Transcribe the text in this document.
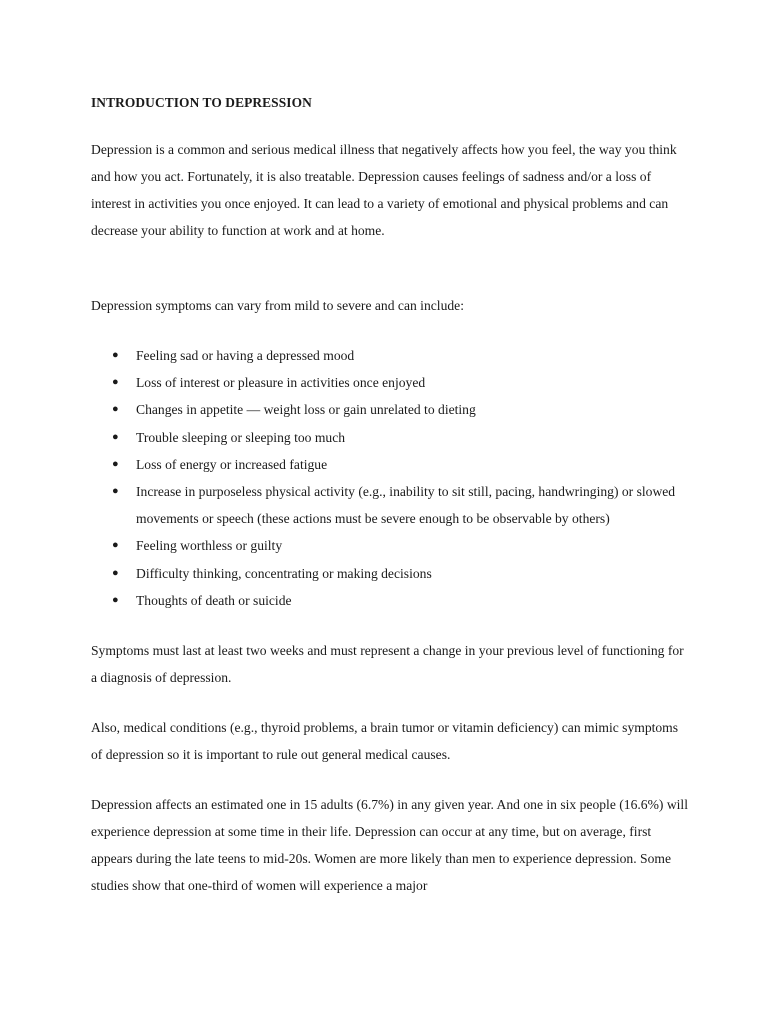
INTRODUCTION TO DEPRESSION

Depression is a common and serious medical illness that negatively affects how you feel, the way you think and how you act. Fortunately, it is also treatable. Depression causes feelings of sadness and/or a loss of interest in activities you once enjoyed. It can lead to a variety of emotional and physical problems and can decrease your ability to function at work and at home.

Depression symptoms can vary from mild to severe and can include:

● Feeling sad or having a depressed mood
● Loss of interest or pleasure in activities once enjoyed
● Changes in appetite — weight loss or gain unrelated to dieting
● Trouble sleeping or sleeping too much
● Loss of energy or increased fatigue
● Increase in purposeless physical activity (e.g., inability to sit still, pacing, handwringing) or slowed movements or speech (these actions must be severe enough to be observable by others)
● Feeling worthless or guilty
● Difficulty thinking, concentrating or making decisions
● Thoughts of death or suicide

Symptoms must last at least two weeks and must represent a change in your previous level of functioning for a diagnosis of depression.

Also, medical conditions (e.g., thyroid problems, a brain tumor or vitamin deficiency) can mimic symptoms of depression so it is important to rule out general medical causes.

Depression affects an estimated one in 15 adults (6.7%) in any given year. And one in six people (16.6%) will experience depression at some time in their life. Depression can occur at any time, but on average, first appears during the late teens to mid-20s. Women are more likely than men to experience depression. Some studies show that one-third of women will experience a major
